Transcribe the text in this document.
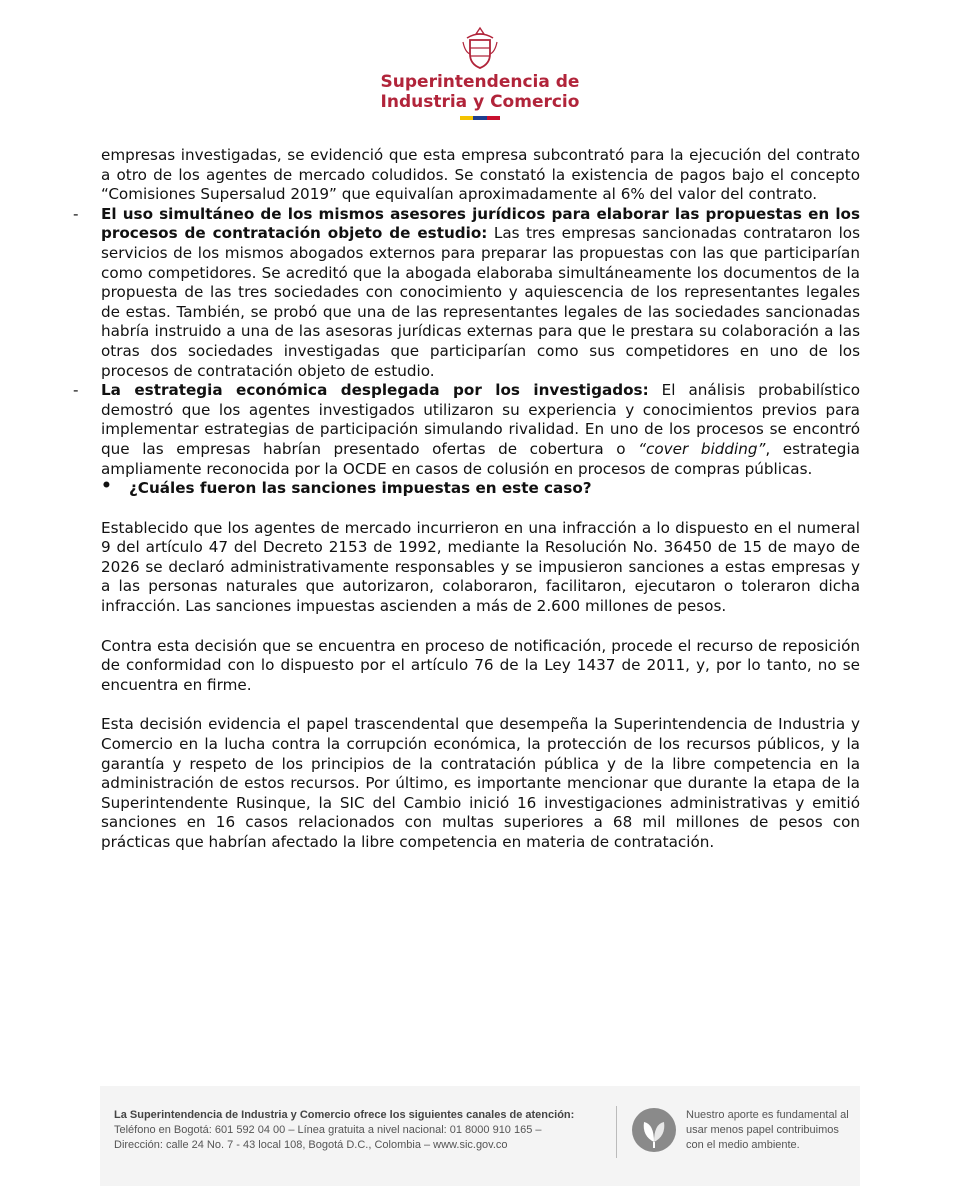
Superintendencia de
Industria y Comercio

empresas investigadas, se evidenció que esta empresa subcontrató para la ejecución del contrato a otro de los agentes de mercado coludidos. Se constató la existencia de pagos bajo el concepto “Comisiones Supersalud 2019” que equivalían aproximadamente al 6% del valor del contrato.

- El uso simultáneo de los mismos asesores jurídicos para elaborar las propuestas en los procesos de contratación objeto de estudio: Las tres empresas sancionadas contrataron los servicios de los mismos abogados externos para preparar las propuestas con las que participarían como competidores. Se acreditó que la abogada elaboraba simultáneamente los documentos de la propuesta de las tres sociedades con conocimiento y aquiescencia de los representantes legales de estas. También, se probó que una de las representantes legales de las sociedades sancionadas habría instruido a una de las asesoras jurídicas externas para que le prestara su colaboración a las otras dos sociedades investigadas que participarían como sus competidores en uno de los procesos de contratación objeto de estudio.

- La estrategia económica desplegada por los investigados: El análisis probabilístico demostró que los agentes investigados utilizaron su experiencia y conocimientos previos para implementar estrategias de participación simulando rivalidad. En uno de los procesos se encontró que las empresas habrían presentado ofertas de cobertura o “cover bidding”, estrategia ampliamente reconocida por la OCDE en casos de colusión en procesos de compras públicas.

• ¿Cuáles fueron las sanciones impuestas en este caso?

Establecido que los agentes de mercado incurrieron en una infracción a lo dispuesto en el numeral 9 del artículo 47 del Decreto 2153 de 1992, mediante la Resolución No. 36450 de 15 de mayo de 2026 se declaró administrativamente responsables y se impusieron sanciones a estas empresas y a las personas naturales que autorizaron, colaboraron, facilitaron, ejecutaron o toleraron dicha infracción. Las sanciones impuestas ascienden a más de 2.600 millones de pesos.

Contra esta decisión que se encuentra en proceso de notificación, procede el recurso de reposición de conformidad con lo dispuesto por el artículo 76 de la Ley 1437 de 2011, y, por lo tanto, no se encuentra en firme.

Esta decisión evidencia el papel trascendental que desempeña la Superintendencia de Industria y Comercio en la lucha contra la corrupción económica, la protección de los recursos públicos, y la garantía y respeto de los principios de la contratación pública y de la libre competencia en la administración de estos recursos. Por último, es importante mencionar que durante la etapa de la Superintendente Rusinque, la SIC del Cambio inició 16 investigaciones administrativas y emitió sanciones en 16 casos relacionados con multas superiores a 68 mil millones de pesos con prácticas que habrían afectado la libre competencia en materia de contratación.

La Superintendencia de Industria y Comercio ofrece los siguientes canales de atención:
Teléfono en Bogotá: 601 592 04 00 – Línea gratuita a nivel nacional: 01 8000 910 165 –
Dirección: calle 24 No. 7 - 43 local 108, Bogotá D.C., Colombia – www.sic.gov.co
Nuestro aporte es fundamental al
usar menos papel contribuimos
con el medio ambiente.
